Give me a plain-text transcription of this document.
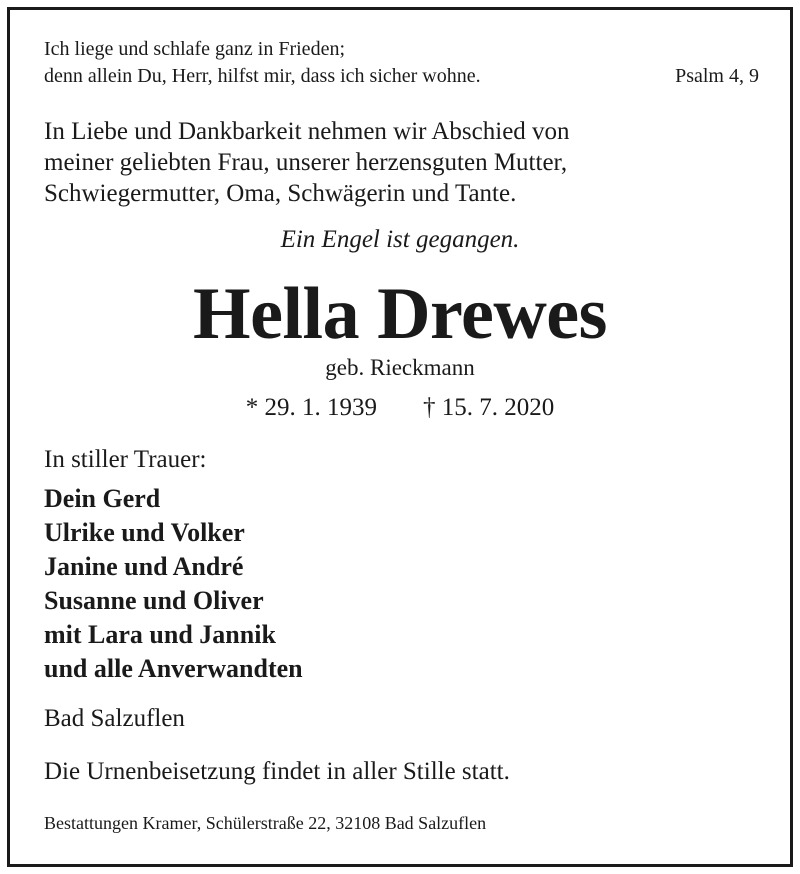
Ich liege und schlafe ganz in Frieden;
denn allein Du, Herr, hilfst mir, dass ich sicher wohne.	Psalm 4, 9
In Liebe und Dankbarkeit nehmen wir Abschied von
meiner geliebten Frau, unserer herzensguten Mutter,
Schwiegermutter, Oma, Schwägerin und Tante.
Ein Engel ist gegangen.
Hella Drewes
geb. Rieckmann
* 29. 1. 1939 † 15. 7. 2020
In stiller Trauer:
Dein Gerd
Ulrike und Volker
Janine und André
Susanne und Oliver
mit Lara und Jannik
und alle Anverwandten
Bad Salzuflen
Die Urnenbeisetzung findet in aller Stille statt.
Bestattungen Kramer, Schülerstraße 22, 32108 Bad Salzuflen
